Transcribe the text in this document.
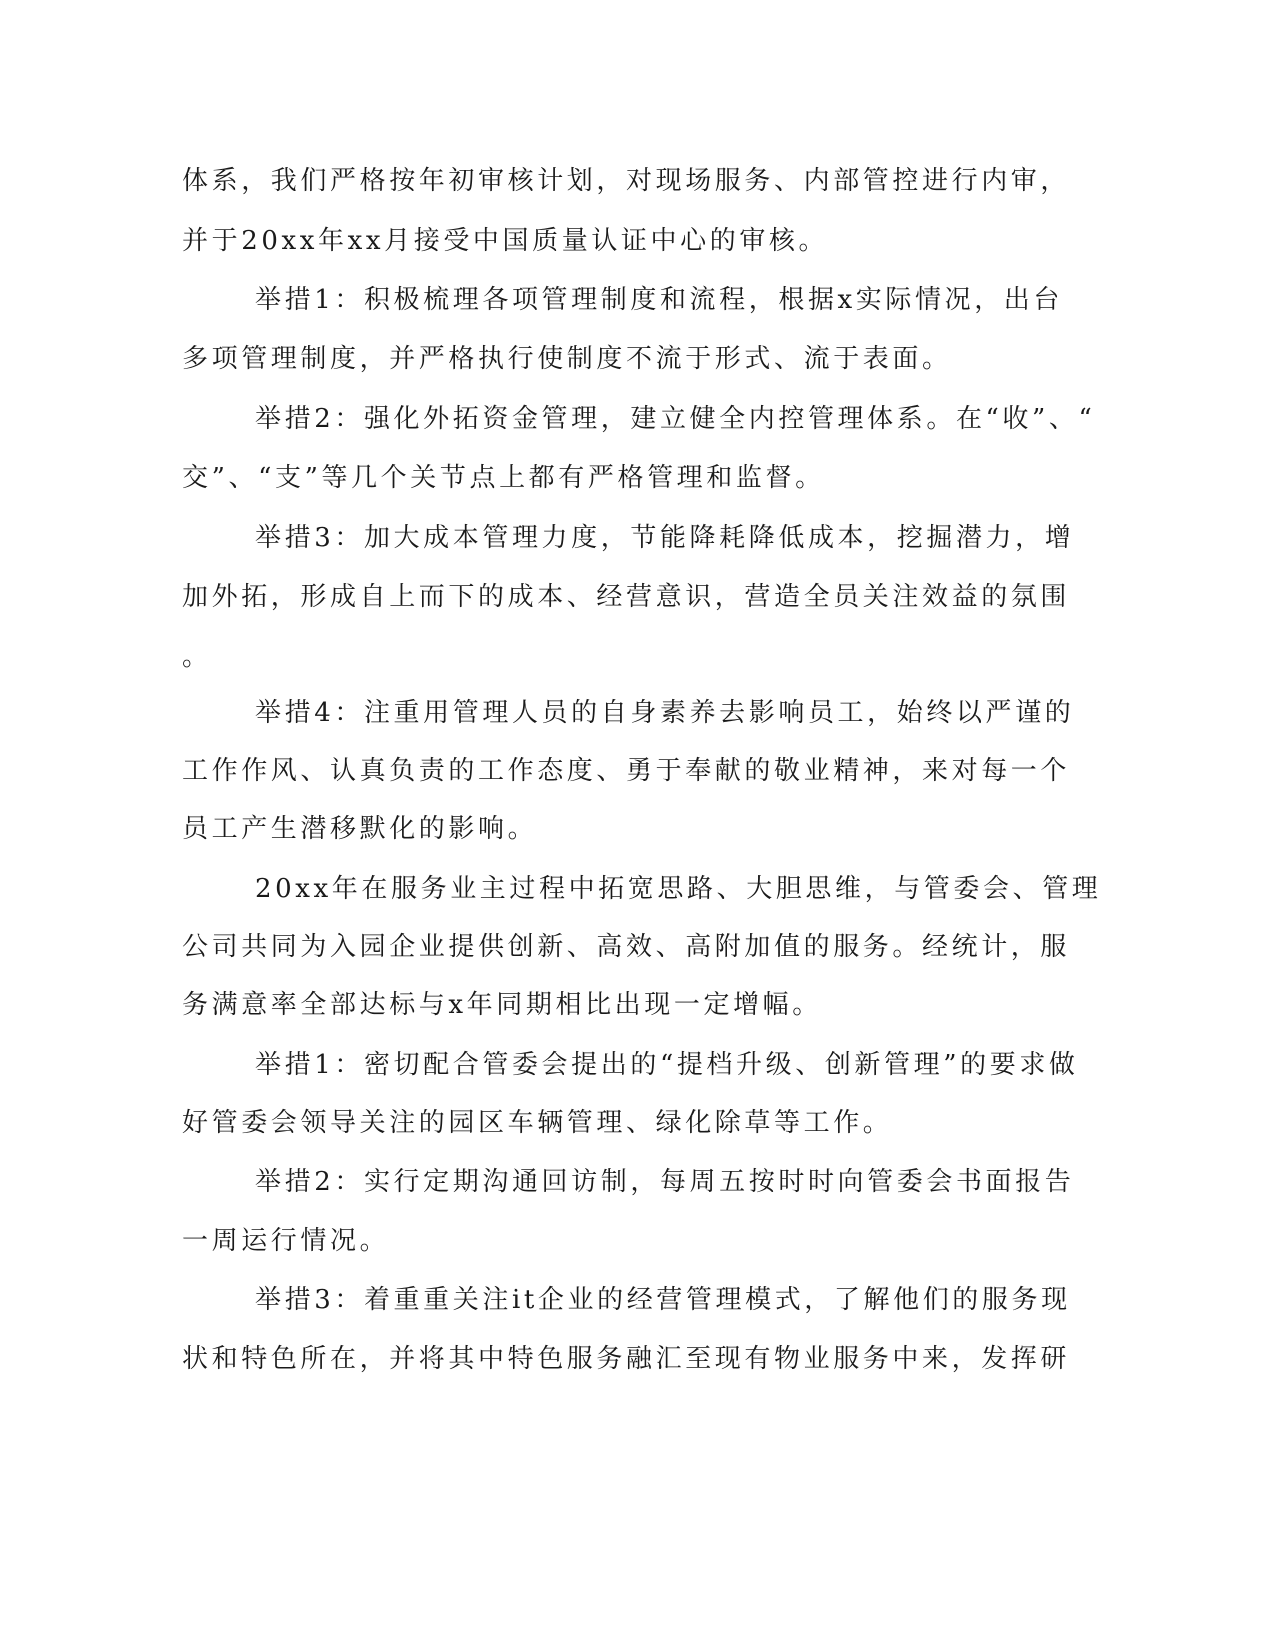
体系，我们严格按年初审核计划，对现场服务、内部管控进行内审，
并于20xx年xx月接受中国质量认证中心的审核。
举措1：积极梳理各项管理制度和流程，根据x实际情况，出台
多项管理制度，并严格执行使制度不流于形式、流于表面。
举措2：强化外拓资金管理，建立健全内控管理体系。在“收”、“
交”、“支”等几个关节点上都有严格管理和监督。
举措3：加大成本管理力度，节能降耗降低成本，挖掘潜力，增
加外拓，形成自上而下的成本、经营意识，营造全员关注效益的氛围
。
举措4：注重用管理人员的自身素养去影响员工，始终以严谨的
工作作风、认真负责的工作态度、勇于奉献的敬业精神，来对每一个
员工产生潜移默化的影响。
20xx年在服务业主过程中拓宽思路、大胆思维，与管委会、管理
公司共同为入园企业提供创新、高效、高附加值的服务。经统计，服
务满意率全部达标与x年同期相比出现一定增幅。
举措1：密切配合管委会提出的“提档升级、创新管理”的要求做
好管委会领导关注的园区车辆管理、绿化除草等工作。
举措2：实行定期沟通回访制，每周五按时时向管委会书面报告
一周运行情况。
举措3：着重重关注it企业的经营管理模式，了解他们的服务现
状和特色所在，并将其中特色服务融汇至现有物业服务中来，发挥研
